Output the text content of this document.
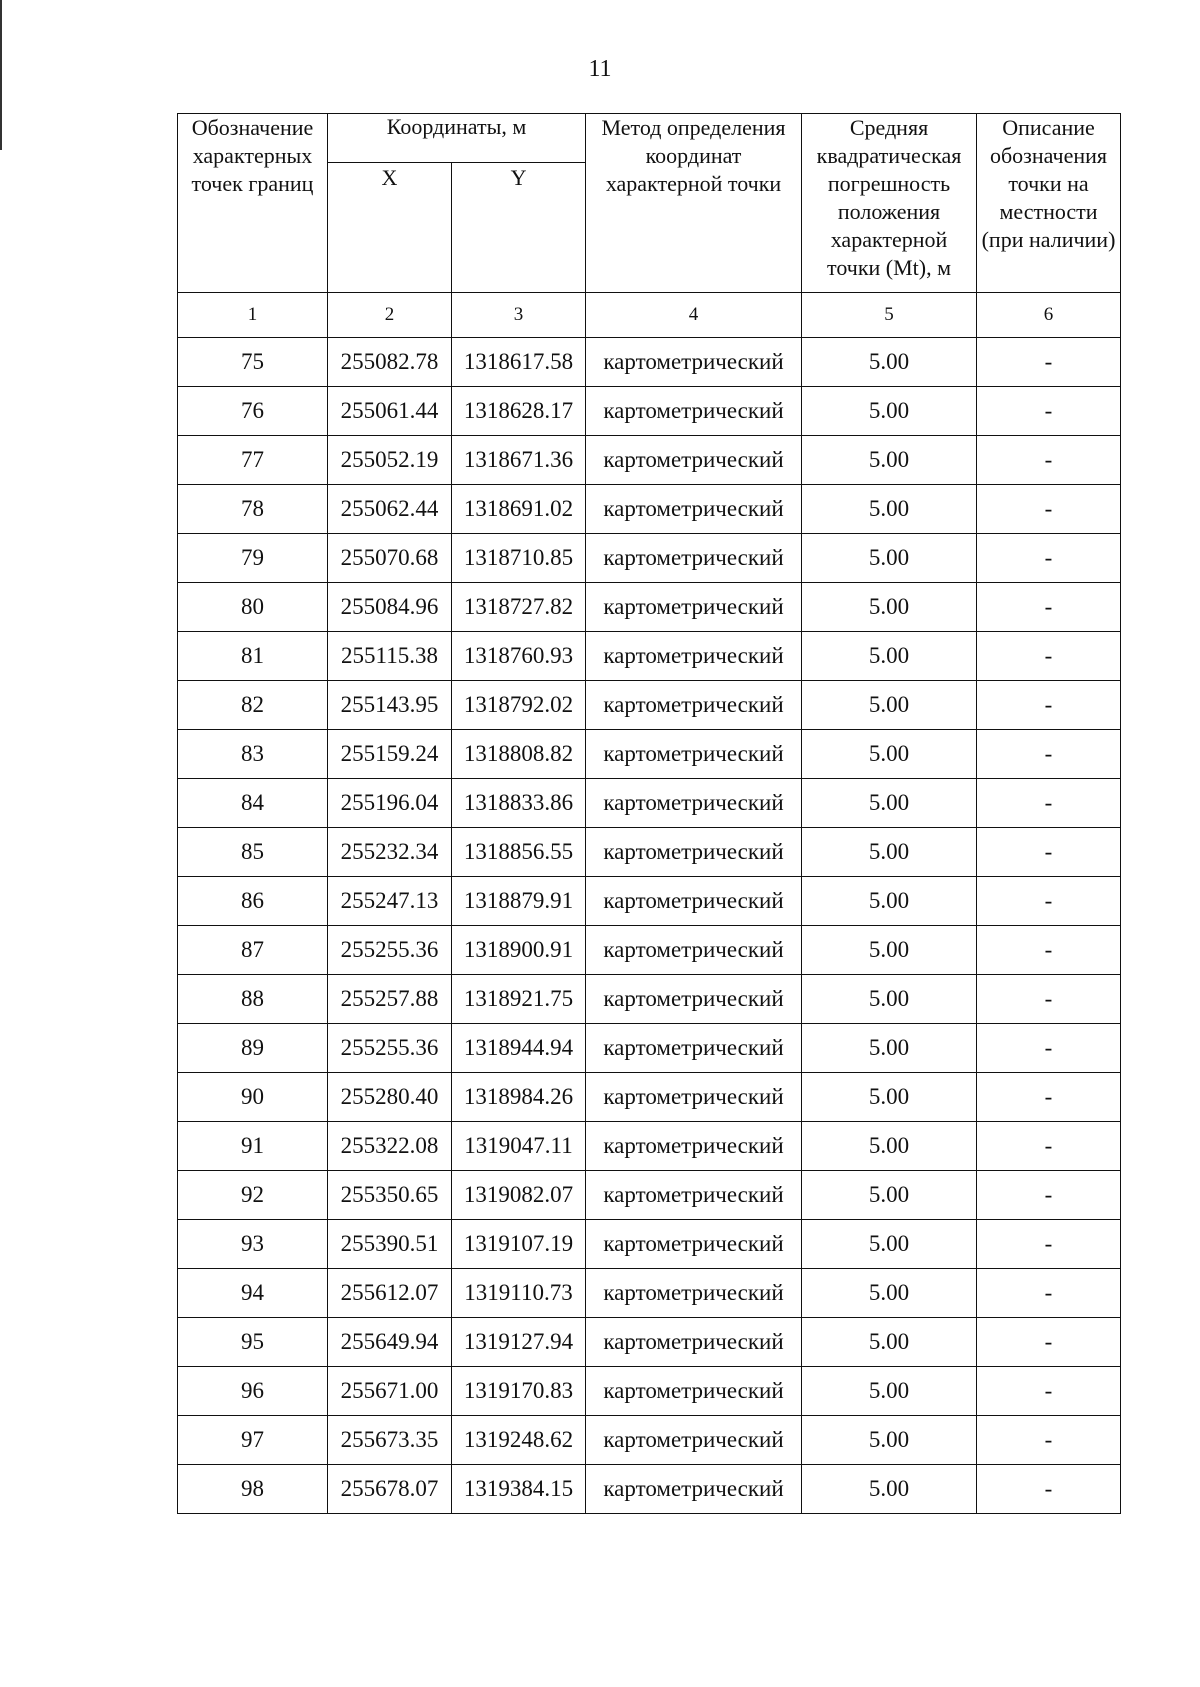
11
Обозначение характерных точек границ	Координаты, м		Метод определения координат характерной точки	Средняя квадратическая погрешность положения характерной точки (Mt), м	Описание обозначения точки на местности (при наличии)
	X	Y			
1	2	3	4	5	6
75	255082.78	1318617.58	картометрический	5.00	-
76	255061.44	1318628.17	картометрический	5.00	-
77	255052.19	1318671.36	картометрический	5.00	-
78	255062.44	1318691.02	картометрический	5.00	-
79	255070.68	1318710.85	картометрический	5.00	-
80	255084.96	1318727.82	картометрический	5.00	-
81	255115.38	1318760.93	картометрический	5.00	-
82	255143.95	1318792.02	картометрический	5.00	-
83	255159.24	1318808.82	картометрический	5.00	-
84	255196.04	1318833.86	картометрический	5.00	-
85	255232.34	1318856.55	картометрический	5.00	-
86	255247.13	1318879.91	картометрический	5.00	-
87	255255.36	1318900.91	картометрический	5.00	-
88	255257.88	1318921.75	картометрический	5.00	-
89	255255.36	1318944.94	картометрический	5.00	-
90	255280.40	1318984.26	картометрический	5.00	-
91	255322.08	1319047.11	картометрический	5.00	-
92	255350.65	1319082.07	картометрический	5.00	-
93	255390.51	1319107.19	картометрический	5.00	-
94	255612.07	1319110.73	картометрический	5.00	-
95	255649.94	1319127.94	картометрический	5.00	-
96	255671.00	1319170.83	картометрический	5.00	-
97	255673.35	1319248.62	картометрический	5.00	-
98	255678.07	1319384.15	картометрический	5.00	-
